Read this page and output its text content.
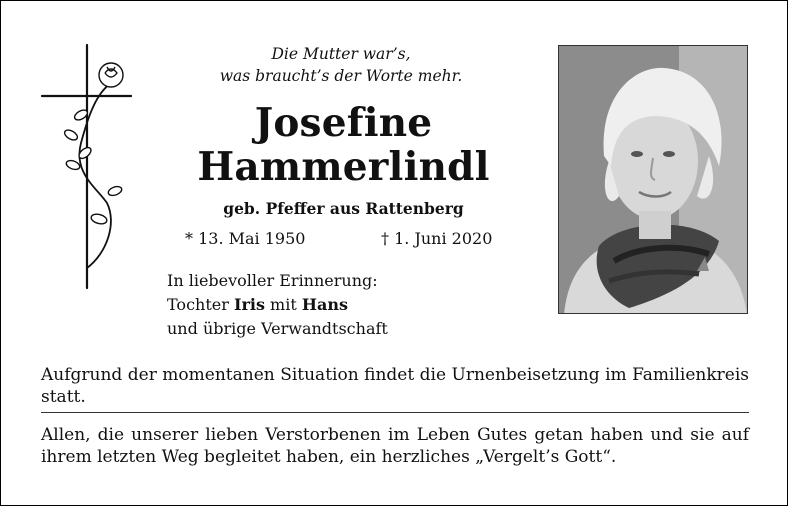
Die Mutter war’s,
was braucht’s der Worte mehr.
Josefine
Hammerlindl
geb. Pfeffer aus Rattenberg
* 13. Mai 1950	† 1. Juni 2020
In liebevoller Erinnerung:
Tochter Iris mit Hans
und übrige Verwandtschaft
Aufgrund der momentanen Situation findet die Urnenbeisetzung im Familienkreis statt.
Allen, die unserer lieben Verstorbenen im Leben Gutes getan haben und sie auf ihrem letzten Weg begleitet haben, ein herzliches „Vergelt’s Gott“.
